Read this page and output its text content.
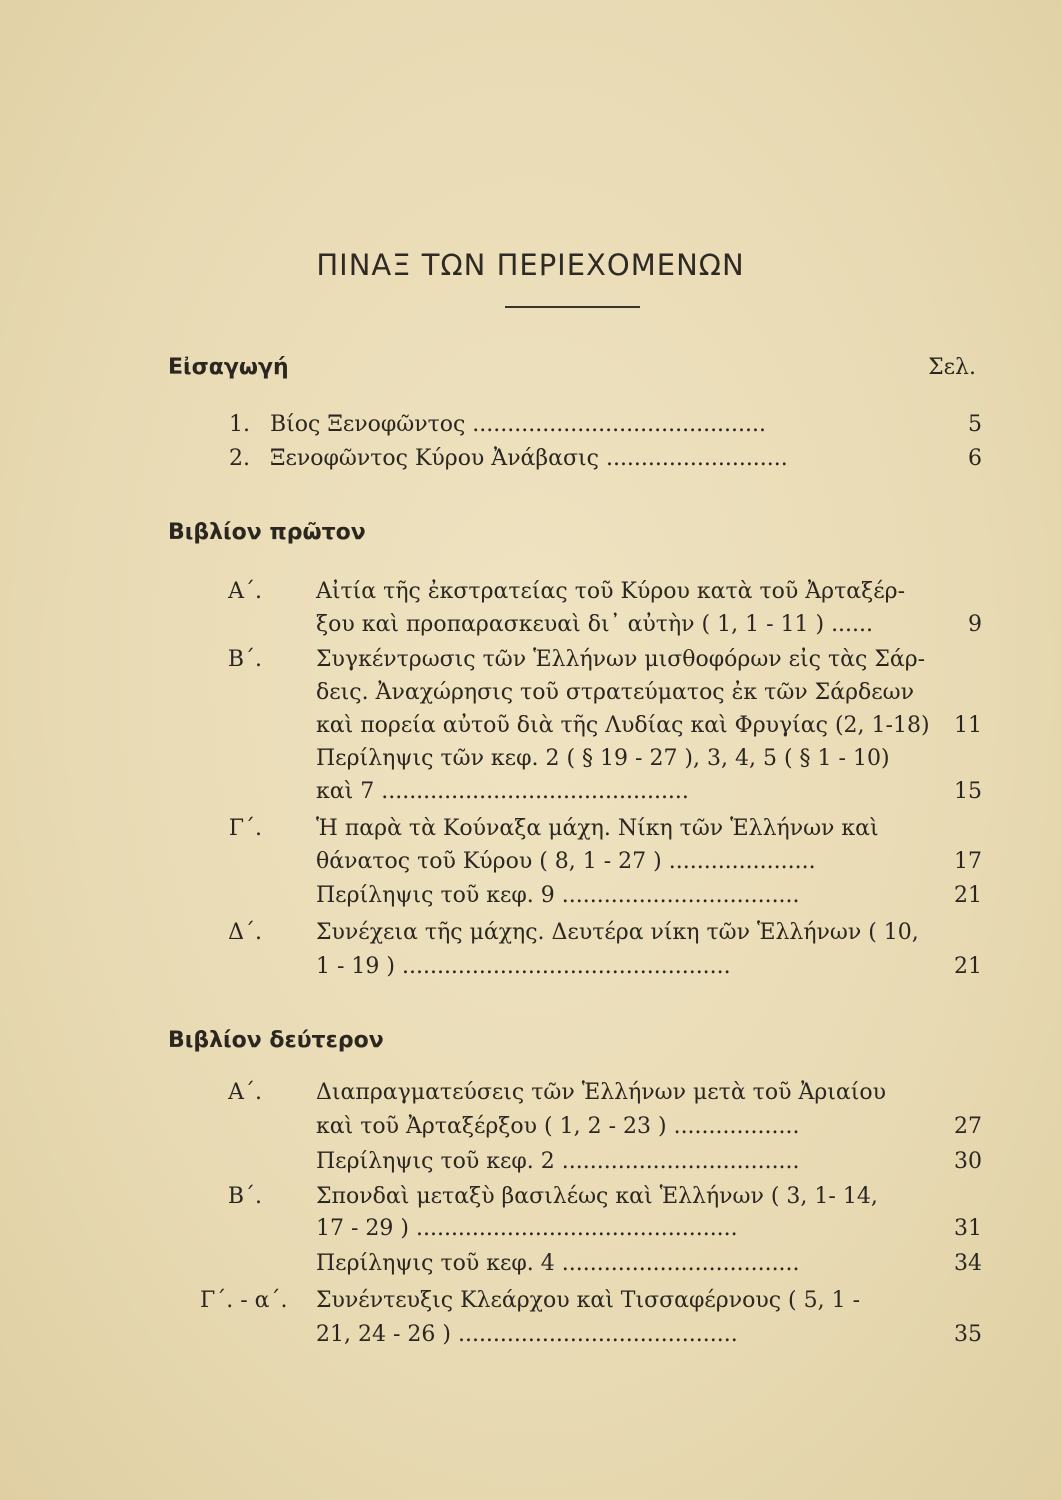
ΠΙΝΑΞ ΤΩΝ ΠΕΡΙΕΧΟΜΕΝΩΝ
Εἰσαγωγή	Σελ.
1. Βίος Ξενοφῶντος ..........................................	5
2. Ξενοφῶντος Κύρου Ἀνάβασις ..........................	6
Βιβλίον πρῶτον
Α΄. Αἰτία τῆς ἐκστρατείας τοῦ Κύρου κατὰ τοῦ Ἀρταξέρ-
ξου καὶ προπαρασκευαὶ δι᾽ αὐτὴν ( 1, 1 - 11 ) ......	9
Β΄. Συγκέντρωσις τῶν Ἑλλήνων μισθοφόρων εἰς τὰς Σάρ-
δεις. Ἀναχώρησις τοῦ στρατεύματος ἐκ τῶν Σάρδεων
καὶ πορεία αὐτοῦ διὰ τῆς Λυδίας καὶ Φρυγίας (2, 1-18)	11
Περίληψις τῶν κεφ. 2 ( § 19 - 27 ), 3, 4, 5 ( § 1 - 10)
καὶ 7 ............................................	15
Γ΄. Ἡ παρὰ τὰ Κούναξα μάχη. Νίκη τῶν Ἑλλήνων καὶ
θάνατος τοῦ Κύρου ( 8, 1 - 27 ) .....................	17
Περίληψις τοῦ κεφ. 9 ..................................	21
Δ΄. Συνέχεια τῆς μάχης. Δευτέρα νίκη τῶν Ἑλλήνων ( 10,
1 - 19 ) ...............................................	21
Βιβλίον δεύτερον
Α΄. Διαπραγματεύσεις τῶν Ἑλλήνων μετὰ τοῦ Ἀριαίου
καὶ τοῦ Ἀρταξέρξου ( 1, 2 - 23 ) ..................	27
Περίληψις τοῦ κεφ. 2 ..................................	30
Β΄. Σπονδαὶ μεταξὺ βασιλέως καὶ Ἑλλήνων ( 3, 1- 14,
17 - 29 ) ..............................................	31
Περίληψις τοῦ κεφ. 4 ..................................	34
Γ΄. - α΄.	Συνέντευξις Κλεάρχου καὶ Τισσαφέρνους ( 5, 1 -
21, 24 - 26 ) ........................................	35
